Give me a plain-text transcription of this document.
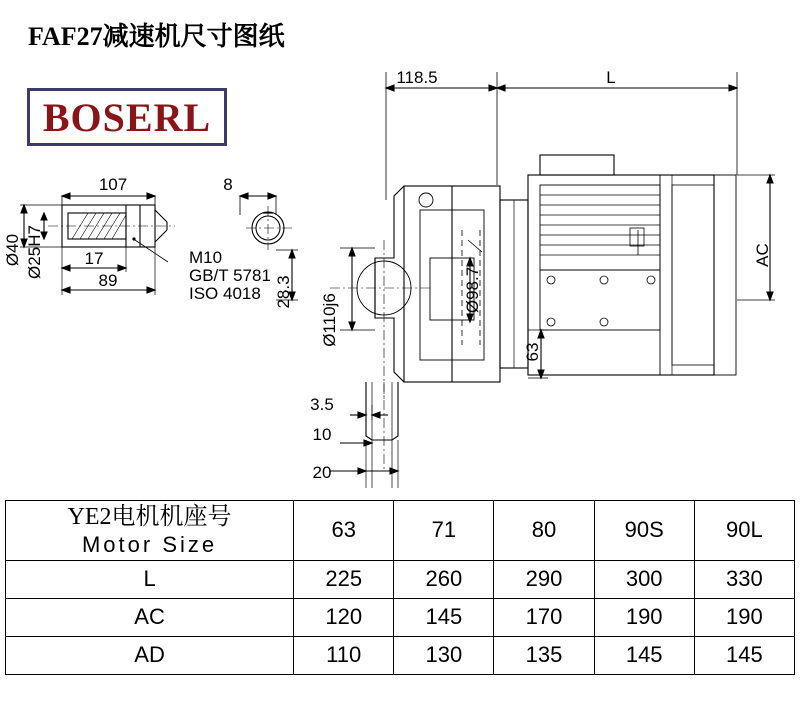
FAF27减速机尺寸图纸
BOSERL
118.5	L
107	8
17
89
3.5
10
20
M10
GB/T 5781
ISO 4018
AC
Ø40 Ø25H7
28.3	Ø98.7
Ø110j6
63
YE2电机机座号
Motor Size	63	71	80	90S	90L
L	225	260	290	300	330
AC	120	145	170	190	190
AD	110	130	135	145	145
